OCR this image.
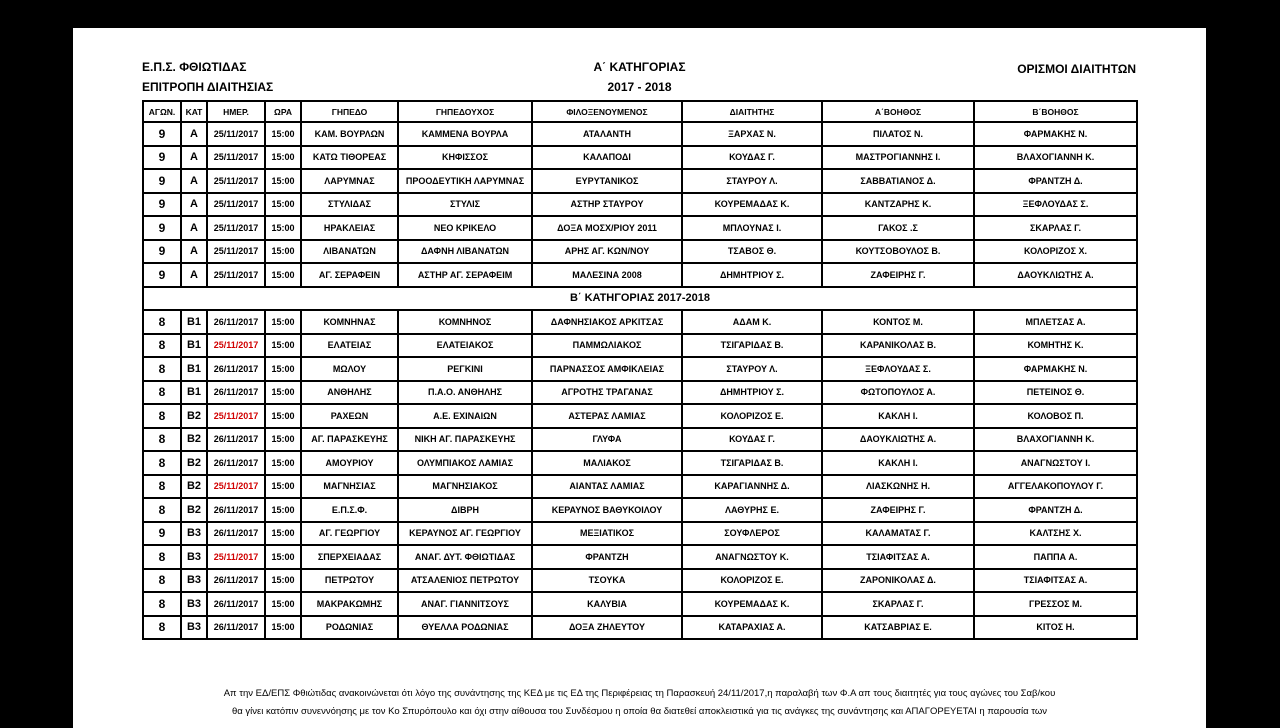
Ε.Π.Σ. ΦΘΙΩΤΙΔΑΣ
ΕΠΙΤΡΟΠΗ ΔΙΑΙΤΗΣΙΑΣ
Α΄ ΚΑΤΗΓΟΡΙΑΣ
2017 - 2018
ΟΡΙΣΜΟΙ ΔΙΑΙΤΗΤΩΝ
ΑΓΩΝ.	ΚΑΤ	ΗΜΕΡ.	ΩΡΑ	ΓΗΠΕΔΟ	ΓΗΠΕΔΟΥΧΟΣ	ΦΙΛΟΞΕΝΟΥΜΕΝΟΣ	ΔΙΑΙΤΗΤΗΣ	Α΄ΒΟΗΘΟΣ	Β΄ΒΟΗΘΟΣ
9	Α	25/11/2017	15:00	ΚΑΜ. ΒΟΥΡΛΩΝ	ΚΑΜΜΕΝΑ ΒΟΥΡΛΑ	ΑΤΑΛΑΝΤΗ	ΞΑΡΧΑΣ Ν.	ΠΙΛΑΤΟΣ Ν.	ΦΑΡΜΑΚΗΣ Ν.
9	Α	25/11/2017	15:00	ΚΑΤΩ ΤΙΘΟΡΕΑΣ	ΚΗΦΙΣΣΟΣ	ΚΑΛΑΠΟΔΙ	ΚΟΥΔΑΣ Γ.	ΜΑΣΤΡΟΓΙΑΝΝΗΣ Ι.	ΒΛΑΧΟΓΙΑΝΝΗ Κ.
9	Α	25/11/2017	15:00	ΛΑΡΥΜΝΑΣ	ΠΡΟΟΔΕΥΤΙΚΗ ΛΑΡΥΜΝΑΣ	ΕΥΡΥΤΑΝΙΚΟΣ	ΣΤΑΥΡΟΥ Λ.	ΣΑΒΒΑΤΙΑΝΟΣ Δ.	ΦΡΑΝΤΖΗ Δ.
9	Α	25/11/2017	15:00	ΣΤΥΛΙΔΑΣ	ΣΤΥΛΙΣ	ΑΣΤΗΡ ΣΤΑΥΡΟΥ	ΚΟΥΡΕΜΑΔΑΣ Κ.	ΚΑΝΤΖΑΡΗΣ Κ.	ΞΕΦΛΟΥΔΑΣ Σ.
9	Α	25/11/2017	15:00	ΗΡΑΚΛΕΙΑΣ	ΝΕΟ ΚΡΙΚΕΛΟ	ΔΟΞΑ ΜΟΣΧ/ΡΙΟΥ 2011	ΜΠΛΟΥΝΑΣ Ι.	ΓΑΚΟΣ .Σ	ΣΚΑΡΛΑΣ Γ.
9	Α	25/11/2017	15:00	ΛΙΒΑΝΑΤΩΝ	ΔΑΦΝΗ ΛΙΒΑΝΑΤΩΝ	ΑΡΗΣ ΑΓ. ΚΩΝ/ΝΟΥ	ΤΣΑΒΟΣ Θ.	ΚΟΥΤΣΟΒΟΥΛΟΣ Β.	ΚΟΛΟΡΙΖΟΣ Χ.
9	Α	25/11/2017	15:00	ΑΓ. ΣΕΡΑΦΕΙΝ	ΑΣΤΗΡ ΑΓ. ΣΕΡΑΦΕΙΜ	ΜΑΛΕΣΙΝΑ 2008	ΔΗΜΗΤΡΙΟΥ Σ.	ΖΑΦΕΙΡΗΣ Γ.	ΔΑΟΥΚΛΙΩΤΗΣ Α.
Β΄ ΚΑΤΗΓΟΡΙΑΣ 2017-2018									
8	Β1	26/11/2017	15:00	ΚΟΜΝΗΝΑΣ	ΚΟΜΝΗΝΟΣ	ΔΑΦΝΗΣΙΑΚΟΣ ΑΡΚΙΤΣΑΣ	ΑΔΑΜ Κ.	ΚΟΝΤΟΣ Μ.	ΜΠΛΕΤΣΑΣ Α.
8	Β1	25/11/2017	15:00	ΕΛΑΤΕΙΑΣ	ΕΛΑΤΕΙΑΚΟΣ	ΠΑΜΜΩΛΙΑΚΟΣ	ΤΣΙΓΑΡΙΔΑΣ Β.	ΚΑΡΑΝΙΚΟΛΑΣ Β.	ΚΟΜΗΤΗΣ Κ.
8	Β1	26/11/2017	15:00	ΜΩΛΟΥ	ΡΕΓΚΙΝΙ	ΠΑΡΝΑΣΣΟΣ ΑΜΦΙΚΛΕΙΑΣ	ΣΤΑΥΡΟΥ Λ.	ΞΕΦΛΟΥΔΑΣ Σ.	ΦΑΡΜΑΚΗΣ Ν.
8	Β1	26/11/2017	15:00	ΑΝΘΗΛΗΣ	Π.Α.Ο. ΑΝΘΗΛΗΣ	ΑΓΡΟΤΗΣ ΤΡΑΓΑΝΑΣ	ΔΗΜΗΤΡΙΟΥ Σ.	ΦΩΤΟΠΟΥΛΟΣ Α.	ΠΕΤΕΙΝΟΣ Θ.
8	Β2	25/11/2017	15:00	ΡΑΧΕΩΝ	Α.Ε. ΕΧΙΝΑΙΩΝ	ΑΣΤΕΡΑΣ ΛΑΜΙΑΣ	ΚΟΛΟΡΙΖΟΣ Ε.	ΚΑΚΛΗ Ι.	ΚΟΛΟΒΟΣ Π.
8	Β2	26/11/2017	15:00	ΑΓ. ΠΑΡΑΣΚΕΥΗΣ	ΝΙΚΗ ΑΓ. ΠΑΡΑΣΚΕΥΗΣ	ΓΛΥΦΑ	ΚΟΥΔΑΣ Γ.	ΔΑΟΥΚΛΙΩΤΗΣ Α.	ΒΛΑΧΟΓΙΑΝΝΗ Κ.
8	Β2	26/11/2017	15:00	ΑΜΟΥΡΙΟΥ	ΟΛΥΜΠΙΑΚΟΣ ΛΑΜΙΑΣ	ΜΑΛΙΑΚΟΣ	ΤΣΙΓΑΡΙΔΑΣ Β.	ΚΑΚΛΗ Ι.	ΑΝΑΓΝΩΣΤΟΥ Ι.
8	Β2	25/11/2017	15:00	ΜΑΓΝΗΣΙΑΣ	ΜΑΓΝΗΣΙΑΚΟΣ	ΑΙΑΝΤΑΣ ΛΑΜΙΑΣ	ΚΑΡΑΓΙΑΝΝΗΣ Δ.	ΛΙΑΣΚΩΝΗΣ Η.	ΑΓΓΕΛΑΚΟΠΟΥΛΟΥ Γ.
8	Β2	26/11/2017	15:00	Ε.Π.Σ.Φ.	ΔΙΒΡΗ	ΚΕΡΑΥΝΟΣ ΒΑΘΥΚΟΙΛΟΥ	ΛΑΘΥΡΗΣ Ε.	ΖΑΦΕΙΡΗΣ Γ.	ΦΡΑΝΤΖΗ Δ.
9	Β3	26/11/2017	15:00	ΑΓ. ΓΕΩΡΓΙΟΥ	ΚΕΡΑΥΝΟΣ ΑΓ. ΓΕΩΡΓΙΟΥ	ΜΕΞΙΑΤΙΚΟΣ	ΣΟΥΦΛΕΡΟΣ	ΚΑΛΑΜΑΤΑΣ Γ.	ΚΑΛΤΣΗΣ Χ.
8	Β3	25/11/2017	15:00	ΣΠΕΡΧΕΙΑΔΑΣ	ΑΝΑΓ. ΔΥΤ. ΦΘΙΩΤΙΔΑΣ	ΦΡΑΝΤΖΗ	ΑΝΑΓΝΩΣΤΟΥ Κ.	ΤΣΙΑΦΙΤΣΑΣ Α.	ΠΑΠΠΑ Α.
8	Β3	26/11/2017	15:00	ΠΕΤΡΩΤΟΥ	ΑΤΣΑΛΕΝΙΟΣ ΠΕΤΡΩΤΟΥ	ΤΣΟΥΚΑ	ΚΟΛΟΡΙΖΟΣ Ε.	ΖΑΡΟΝΙΚΟΛΑΣ Δ.	ΤΣΙΑΦΙΤΣΑΣ Α.
8	Β3	26/11/2017	15:00	ΜΑΚΡΑΚΩΜΗΣ	ΑΝΑΓ. ΓΙΑΝΝΙΤΣΟΥΣ	ΚΑΛΥΒΙΑ	ΚΟΥΡΕΜΑΔΑΣ Κ.	ΣΚΑΡΛΑΣ Γ.	ΓΡΕΣΣΟΣ Μ.
8	Β3	26/11/2017	15:00	ΡΟΔΩΝΙΑΣ	ΘΥΕΛΛΑ ΡΟΔΩΝΙΑΣ	ΔΟΞΑ ΖΗΛΕΥΤΟΥ	ΚΑΤΑΡΑΧΙΑΣ Α.	ΚΑΤΣΑΒΡΙΑΣ Ε.	ΚΙΤΟΣ Η.
Απ την ΕΔ/ΕΠΣ Φθιώτιδας ανακοινώνεται ότι λόγο της συνάντησης της ΚΕΔ με τις ΕΔ της Περιφέρειας τη Παρασκευή 24/11/2017,η παραλαβή των Φ.Α απ τους διαιτητές για τους αγώνες του Σαβ/κου
θα γίνει κατόπιν συνεννόησης με τον Κο Σπυρόπουλο και όχι στην αίθουσα του Συνδέσμου η οποία θα διατεθεί αποκλειστικά για τις ανάγκες της συνάντησης και ΑΠΑΓΟΡΕΥΕΤΑΙ η παρουσία των
